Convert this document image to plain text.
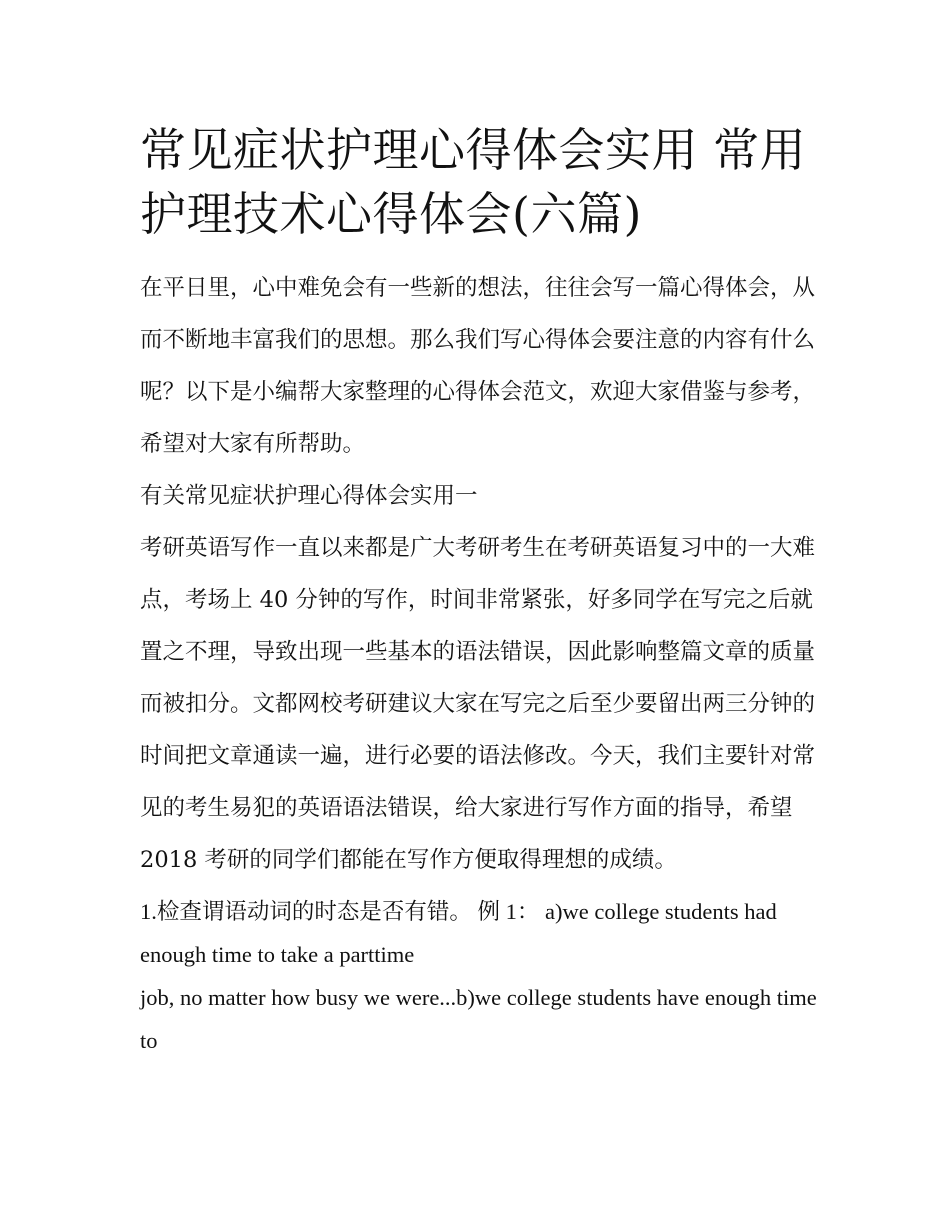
常见症状护理心得体会实用 常用护理技术心得体会(六篇)

在平日里，心中难免会有一些新的想法，往往会写一篇心得体会，从而不断地丰富我们的思想。那么我们写心得体会要注意的内容有什么呢？以下是小编帮大家整理的心得体会范文，欢迎大家借鉴与参考，希望对大家有所帮助。

有关常见症状护理心得体会实用一

考研英语写作一直以来都是广大考研考生在考研英语复习中的一大难点，考场上 40 分钟的写作，时间非常紧张，好多同学在写完之后就置之不理，导致出现一些基本的语法错误，因此影响整篇文章的质量而被扣分。文都网校考研建议大家在写完之后至少要留出两三分钟的时间把文章通读一遍，进行必要的语法修改。今天，我们主要针对常见的考生易犯的英语语法错误，给大家进行写作方面的指导，希望 2018 考研的同学们都能在写作方便取得理想的成绩。

1.检查谓语动词的时态是否有错。 例 1： a)we college students had enough time to take a parttime

job, no matter how busy we were...b)we college students have enough time to
